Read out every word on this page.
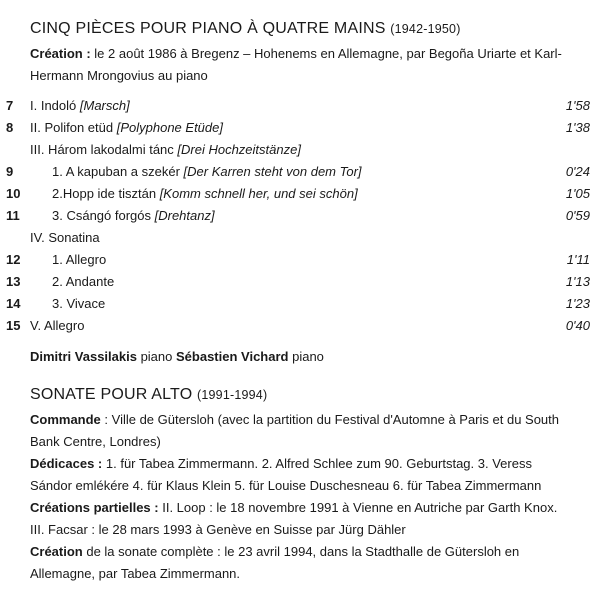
CINQ PIÈCES POUR PIANO À QUATRE MAINS (1942-1950)
Création : le 2 août 1986 à Bregenz – Hohenems en Allemagne, par Begoña Uriarte et Karl-Hermann Mrongovius au piano
7 I. Indoló [Marsch]	1'58
8 II. Polifon etüd [Polyphone Etüde]	1'38
III. Három lakodalmi tánc [Drei Hochzeitstänze]
9	1. A kapuban a szekér [Der Karren steht von dem Tor]	0'24
10 2.Hopp ide tisztán [Komm schnell her, und sei schön]	1'05
11 3. Csángó forgós [Drehtanz]	0'59
IV. Sonatina
12 1. Allegro	1'11
13 2. Andante	1'13
14 3. Vivace	1'23
15 V. Allegro	0'40
Dimitri Vassilakis piano Sébastien Vichard piano
SONATE POUR ALTO (1991-1994)
Commande : Ville de Gütersloh (avec la partition du Festival d'Automne à Paris et du South Bank Centre, Londres)
Dédicaces : 1. für Tabea Zimmermann. 2. Alfred Schlee zum 90. Geburtstag. 3. Veress Sándor emlékére 4. für Klaus Klein 5. für Louise Duschesneau 6. für Tabea Zimmermann
Créations partielles : II. Loop : le 18 novembre 1991 à Vienne en Autriche par Garth Knox. III. Facsar : le 28 mars 1993 à Genève en Suisse par Jürg Dähler
Création de la sonate complète : le 23 avril 1994, dans la Stadthalle de Gütersloh en Allemagne, par Tabea Zimmermann.
